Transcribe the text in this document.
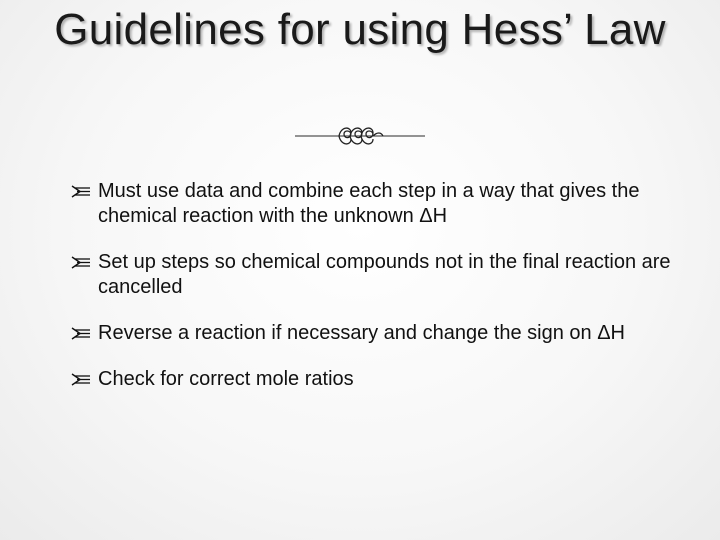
Guidelines for using Hess’ Law
Must use data and combine each step in a way that gives the chemical reaction with the unknown ΔH
Set up steps so chemical compounds not in the final reaction are cancelled
Reverse a reaction if necessary and change the sign on ΔH
Check for correct mole ratios
